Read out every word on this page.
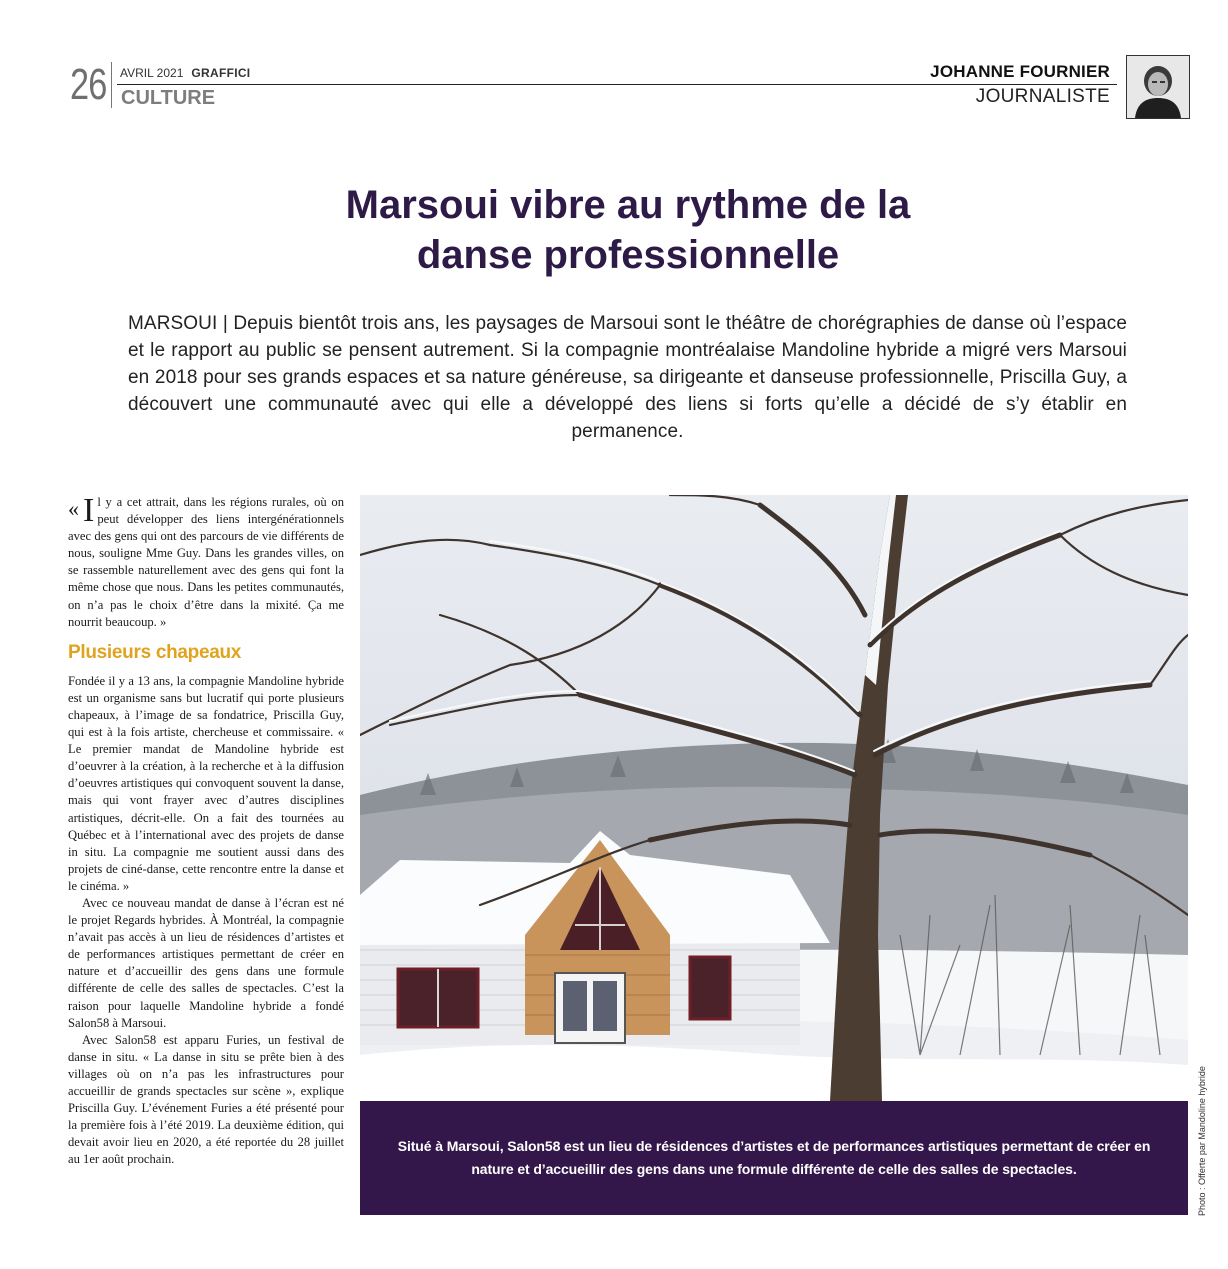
26 AVRIL 2021 GRAFFICI
CULTURE
JOHANNE FOURNIER
JOURNALISTE
Marsoui vibre au rythme de la
danse professionnelle

MARSOUI | Depuis bientôt trois ans, les paysages de Marsoui sont le théâtre de chorégraphies de danse où l’espace et le rapport au public se pensent autrement. Si la compagnie montréalaise Mandoline hybride a migré vers Marsoui en 2018 pour ses grands espaces et sa nature généreuse, sa dirigeante et danseuse professionnelle, Priscilla Guy, a découvert une communauté avec qui elle a développé des liens si forts qu’elle a décidé de s’y établir en permanence.

« I l y a cet attrait, dans les régions rurales, où on peut développer des liens intergénérationnels avec des gens qui ont des parcours de vie différents de nous, souligne Mme Guy. Dans les grandes villes, on se rassemble naturellement avec des gens qui font la même chose que nous. Dans les petites communautés, on n’a pas le choix d’être dans la mixité. Ça me nourrit beaucoup. »

Plusieurs chapeaux

Fondée il y a 13 ans, la compagnie Mandoline hybride est un organisme sans but lucratif qui porte plusieurs chapeaux, à l’image de sa fondatrice, Priscilla Guy, qui est à la fois artiste, chercheuse et commissaire. « Le premier mandat de Mandoline hybride est d’oeuvrer à la création, à la recherche et à la diffusion d’oeuvres artistiques qui convoquent souvent la danse, mais qui vont frayer avec d’autres disciplines artistiques, décrit-elle. On a fait des tournées au Québec et à l’international avec des projets de danse in situ. La compagnie me soutient aussi dans des projets de ciné-danse, cette rencontre entre la danse et le cinéma. »

Avec ce nouveau mandat de danse à l’écran est né le projet Regards hybrides. À Montréal, la compagnie n’avait pas accès à un lieu de résidences d’artistes et de performances artistiques permettant de créer en nature et d’accueillir des gens dans une formule différente de celle des salles de spectacles. C’est la raison pour laquelle Mandoline hybride a fondé Salon58 à Marsoui.

Avec Salon58 est apparu Furies, un festival de danse in situ. « La danse in situ se prête bien à des villages où on n’a pas les infrastructures pour accueillir de grands spectacles sur scène », explique Priscilla Guy. L’événement Furies a été présenté pour la première fois à l’été 2019. La deuxième édition, qui devait avoir lieu en 2020, a été reportée du 28 juillet au 1er août prochain.

Situé à Marsoui, Salon58 est un lieu de résidences d’artistes et de performances artistiques permettant de créer en nature et d’accueillir des gens dans une formule différente de celle des salles de spectacles.	Photo : Offerte par Mandoline hybride
